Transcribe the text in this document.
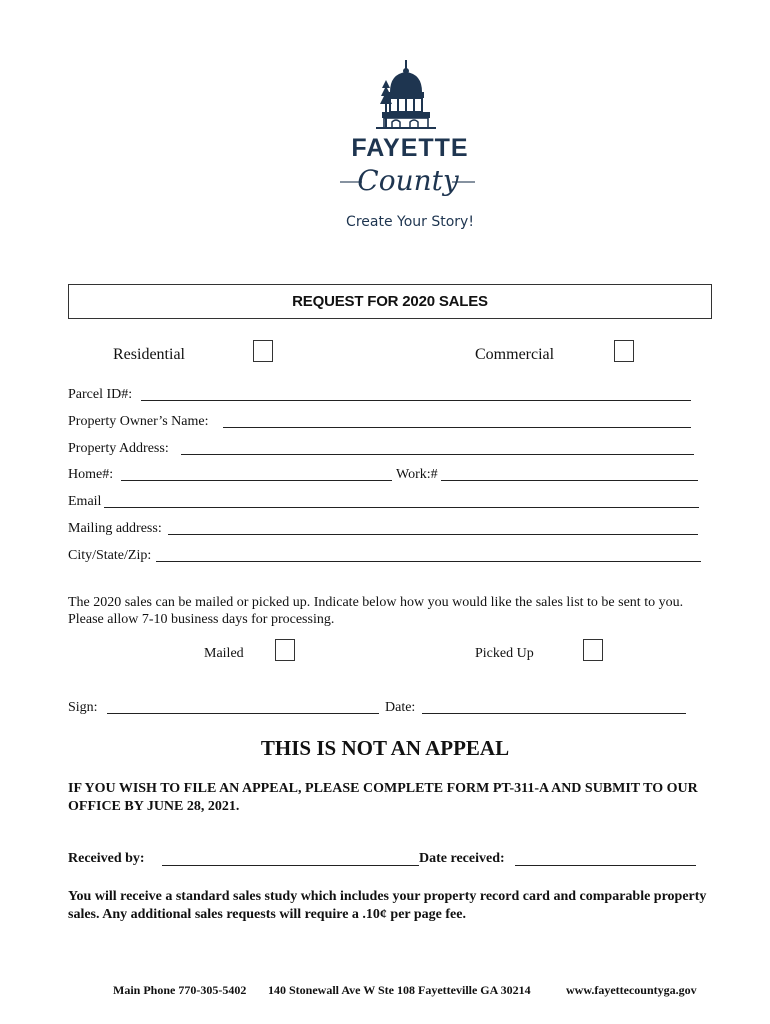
FAYETTE
County
Create Your Story!
REQUEST FOR 2020 SALES
Residential	Commercial
Parcel ID#:
Property Owner’s Name:
Property Address:
Home#:	Work:#
Email
Mailing address:
City/State/Zip:
The 2020 sales can be mailed or picked up. Indicate below how you would like the sales list to be sent to you. Please allow 7-10 business days for processing.
Mailed	Picked Up
Sign:	Date:
THIS IS NOT AN APPEAL
IF YOU WISH TO FILE AN APPEAL, PLEASE COMPLETE FORM PT-311-A AND SUBMIT TO OUR OFFICE BY JUNE 28, 2021.
Received by:	Date received:
You will receive a standard sales study which includes your property record card and comparable property sales. Any additional sales requests will require a .10¢ per page fee.
Main Phone 770-305-5402 140 Stonewall Ave W Ste 108 Fayetteville GA 30214	www.fayettecountyga.gov
